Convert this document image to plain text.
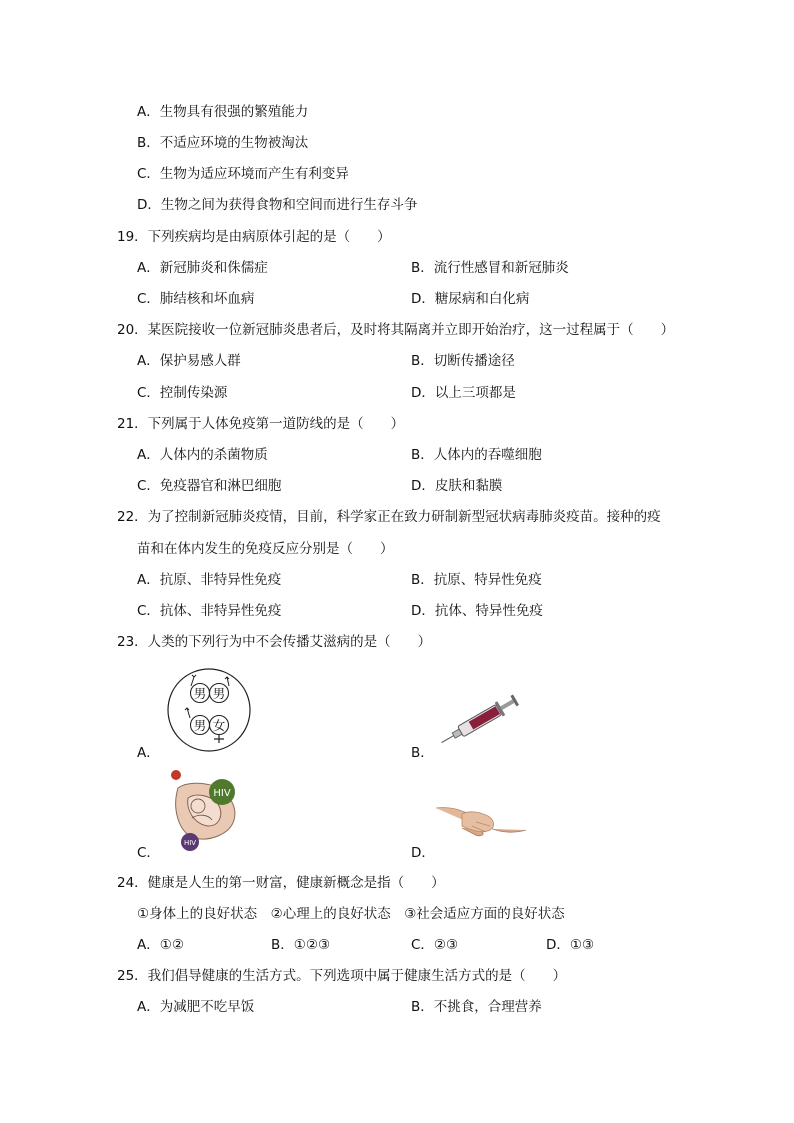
A．生物具有很强的繁殖能力
B．不适应环境的生物被淘汰
C．生物为适应环境而产生有利变异
D．生物之间为获得食物和空间而进行生存斗争
19．下列疾病均是由病原体引起的是（　　）
A．新冠肺炎和侏儒症	B．流行性感冒和新冠肺炎
C．肺结核和坏血病	D．糖尿病和白化病
20．某医院接收一位新冠肺炎患者后，及时将其隔离并立即开始治疗，这一过程属于（　　）
A．保护易感人群	B．切断传播途径
C．控制传染源	D．以上三项都是
21．下列属于人体免疫第一道防线的是（　　）
A．人体内的杀菌物质	B．人体内的吞噬细胞
C．免疫器官和淋巴细胞	D．皮肤和黏膜
22．为了控制新冠肺炎疫情，目前，科学家正在致力研制新型冠状病毒肺炎疫苗。接种的疫
苗和在体内发生的免疫反应分别是（　　）
A．抗原、非特异性免疫	B．抗原、特异性免疫
C．抗体、非特异性免疫	D．抗体、特异性免疫
23．人类的下列行为中不会传播艾滋病的是（　　）
男 男
男 女
A．	B．
HIV
HIV
C．	D．
24．健康是人生的第一财富，健康新概念是指（　　）
①身体上的良好状态　②心理上的良好状态　③社会适应方面的良好状态
A．①②	B．①②③	C．②③	D．①③
25．我们倡导健康的生活方式。下列选项中属于健康生活方式的是（　　）
A．为减肥不吃早饭	B．不挑食，合理营养
